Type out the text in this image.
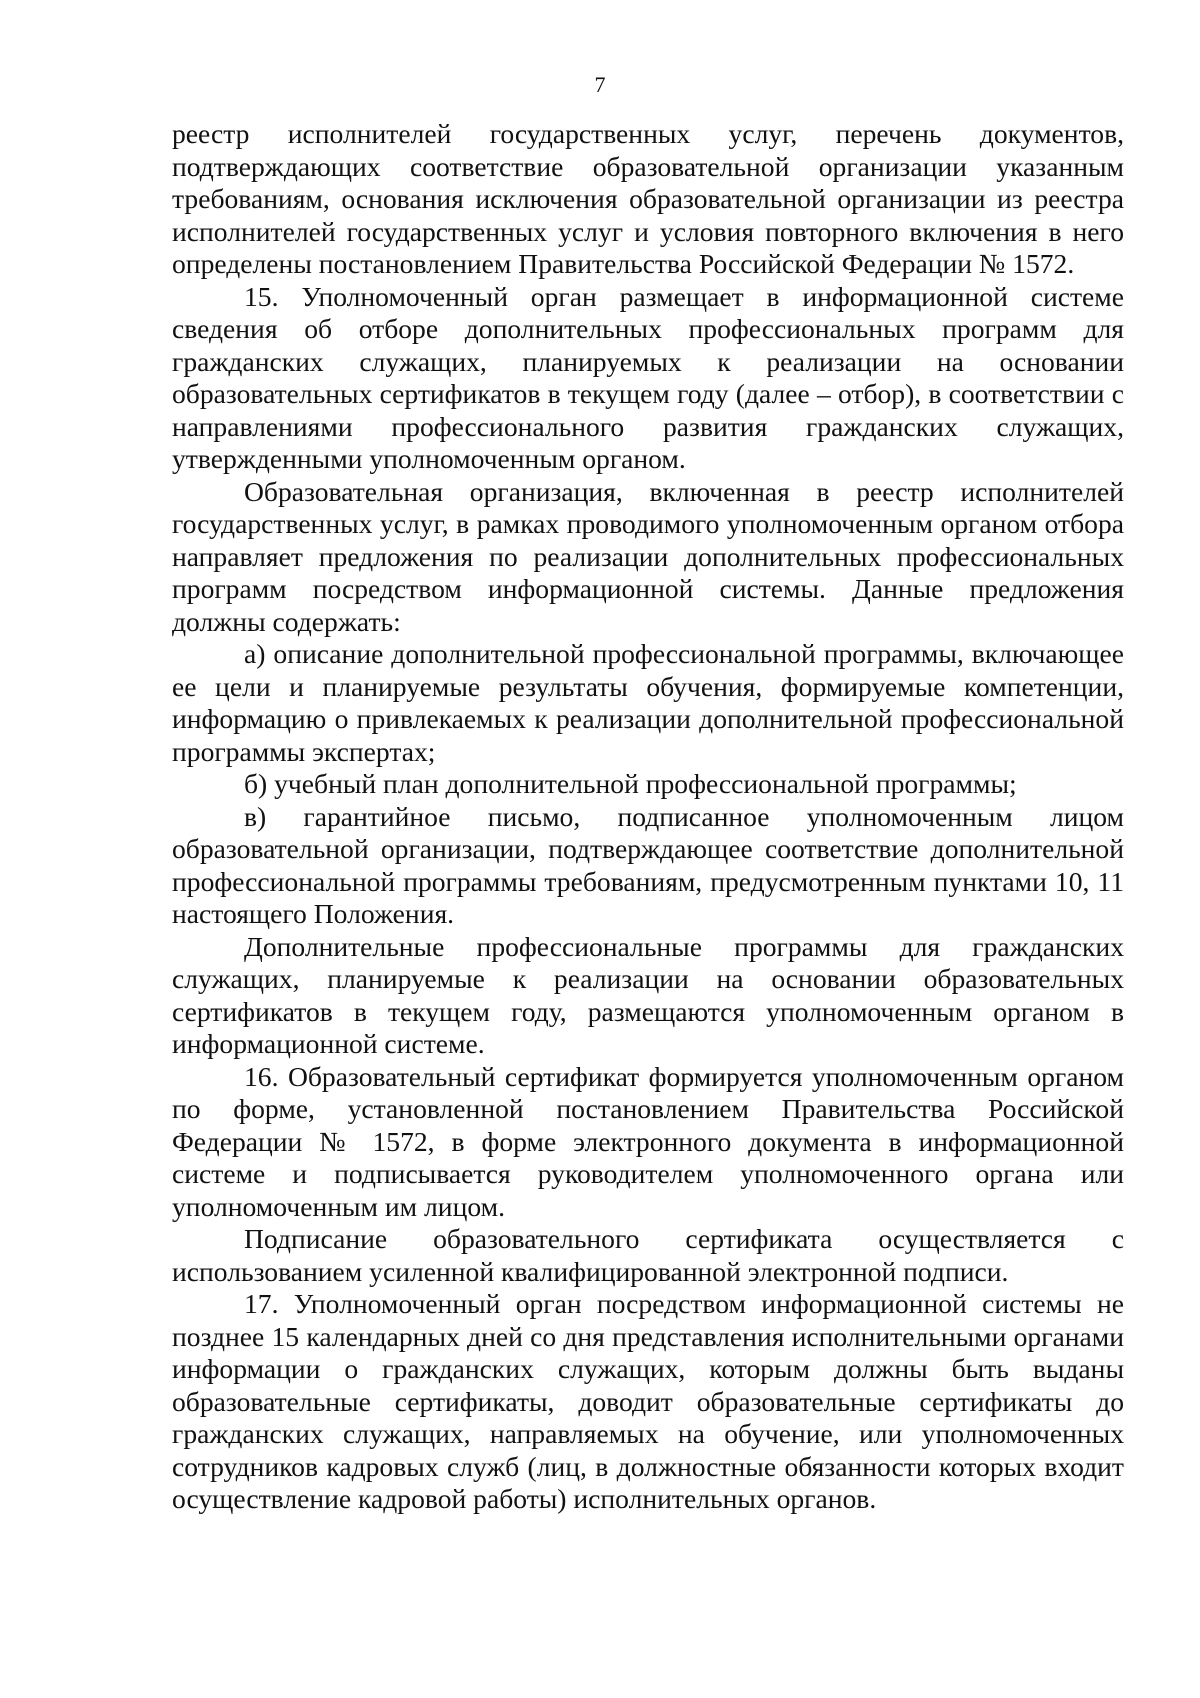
7

реестр исполнителей государственных услуг, перечень документов, подтверждающих соответствие образовательной организации указанным требованиям, основания исключения образовательной организации из реестра исполнителей государственных услуг и условия повторного включения в него определены постановлением Правительства Российской Федерации № 1572.

15. Уполномоченный орган размещает в информационной системе сведения об отборе дополнительных профессиональных программ для гражданских служащих, планируемых к реализации на основании образовательных сертификатов в текущем году (далее – отбор), в соответствии с направлениями профессионального развития гражданских служащих, утвержденными уполномоченным органом.

Образовательная организация, включенная в реестр исполнителей государственных услуг, в рамках проводимого уполномоченным органом отбора направляет предложения по реализации дополнительных профессиональных программ посредством информационной системы. Данные предложения должны содержать:

а) описание дополнительной профессиональной программы, включающее ее цели и планируемые результаты обучения, формируемые компетенции, информацию о привлекаемых к реализации дополнительной профессиональной программы экспертах;

б) учебный план дополнительной профессиональной программы;

в) гарантийное письмо, подписанное уполномоченным лицом образовательной организации, подтверждающее соответствие дополнительной профессиональной программы требованиям, предусмотренным пунктами 10, 11 настоящего Положения.

Дополнительные профессиональные программы для гражданских служащих, планируемые к реализации на основании образовательных сертификатов в текущем году, размещаются уполномоченным органом в информационной системе.

16. Образовательный сертификат формируется уполномоченным органом по форме, установленной постановлением Правительства Российской Федерации № 1572, в форме электронного документа в информационной системе и подписывается руководителем уполномоченного органа или уполномоченным им лицом.

Подписание образовательного сертификата осуществляется с использованием усиленной квалифицированной электронной подписи.

17. Уполномоченный орган посредством информационной системы не позднее 15 календарных дней со дня представления исполнительными органами информации о гражданских служащих, которым должны быть выданы образовательные сертификаты, доводит образовательные сертификаты до гражданских служащих, направляемых на обучение, или уполномоченных сотрудников кадровых служб (лиц, в должностные обязанности которых входит осуществление кадровой работы) исполнительных органов.
